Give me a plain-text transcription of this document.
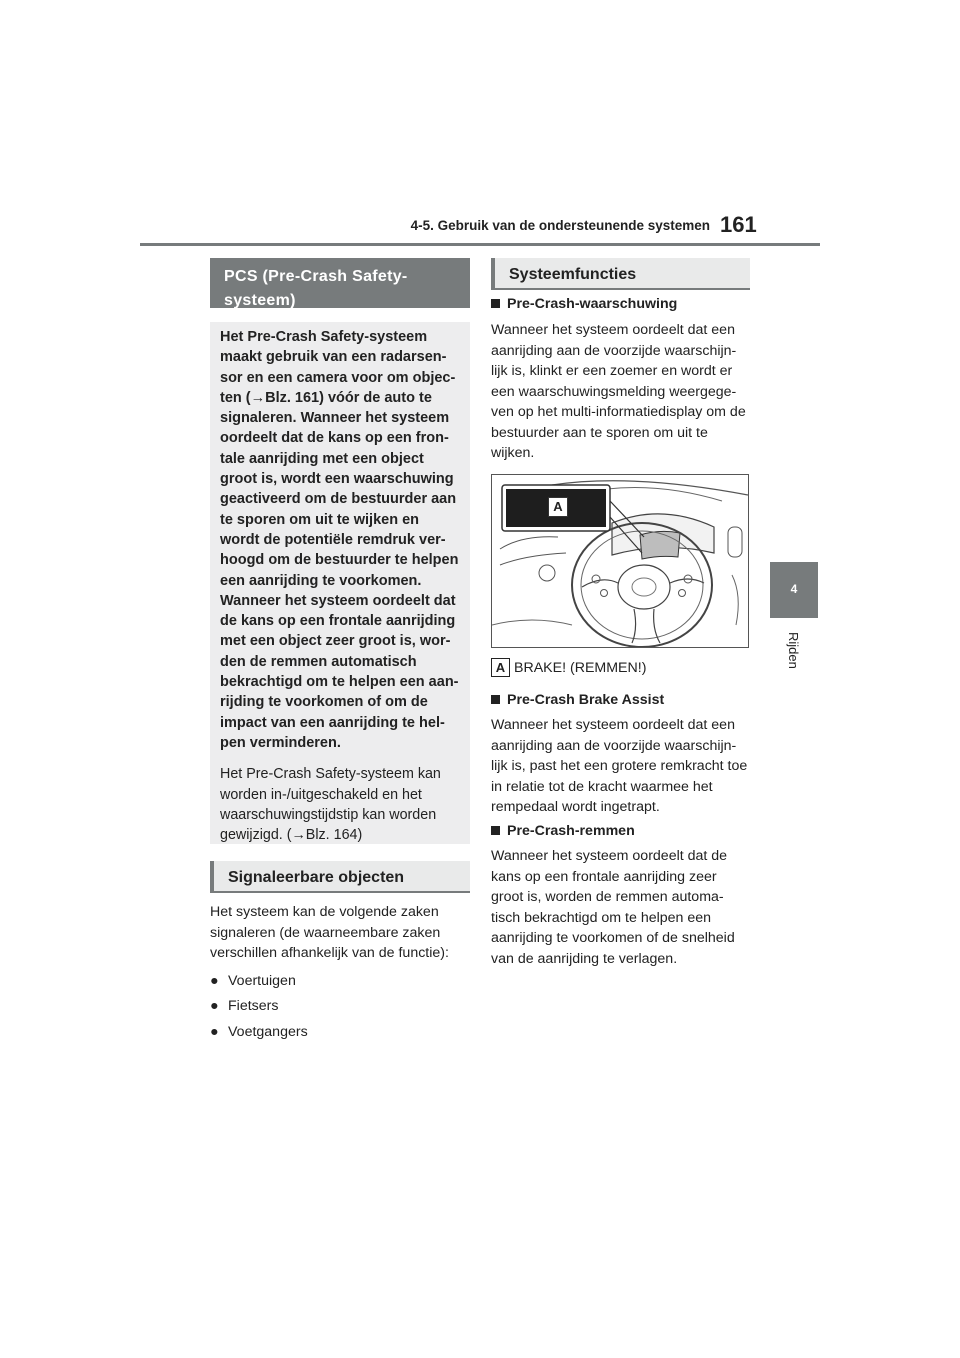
4-5. Gebruik van de ondersteunende systemen 161
4
Rijden
PCS (Pre-Crash Safety-systeem)

Het Pre-Crash Safety-systeem maakt gebruik van een radarsen-sor en een camera voor om objec-ten (→Blz. 161) vóór de auto te signaleren. Wanneer het systeem oordeelt dat de kans op een fron-tale aanrijding met een object groot is, wordt een waarschuwing geactiveerd om de bestuurder aan te sporen om uit te wijken en wordt de potentiële remdruk ver-hoogd om de bestuurder te helpen een aanrijding te voorkomen. Wanneer het systeem oordeelt dat de kans op een frontale aanrijding met een object zeer groot is, wor-den de remmen automatisch bekrachtigd om te helpen een aan-rijding te voorkomen of om de impact van een aanrijding te hel-pen verminderen.

Het Pre-Crash Safety-systeem kan worden in-/uitgeschakeld en het waarschuwingstijdstip kan worden gewijzigd. (→Blz. 164)

Signaleerbare objecten

Het systeem kan de volgende zaken signaleren (de waarneembare zaken verschillen afhankelijk van de functie):

● Voertuigen
● Fietsers
● Voetgangers
Systeemfuncties
Pre-Crash-waarschuwing

Wanneer het systeem oordeelt dat een aanrijding aan de voorzijde waarschijn-lijk is, klinkt er een zoemer en wordt er een waarschuwingsmelding weergege-ven op het multi-informatiedisplay om de bestuurder aan te sporen om uit te wijken.

A
A BRAKE! (REMMEN!)
Pre-Crash Brake Assist

Wanneer het systeem oordeelt dat een aanrijding aan de voorzijde waarschijn-lijk is, past het een grotere remkracht toe in relatie tot de kracht waarmee het rempedaal wordt ingetrapt.

Pre-Crash-remmen

Wanneer het systeem oordeelt dat de kans op een frontale aanrijding zeer groot is, worden de remmen automa-tisch bekrachtigd om te helpen een aanrijding te voorkomen of de snelheid van de aanrijding te verlagen.
